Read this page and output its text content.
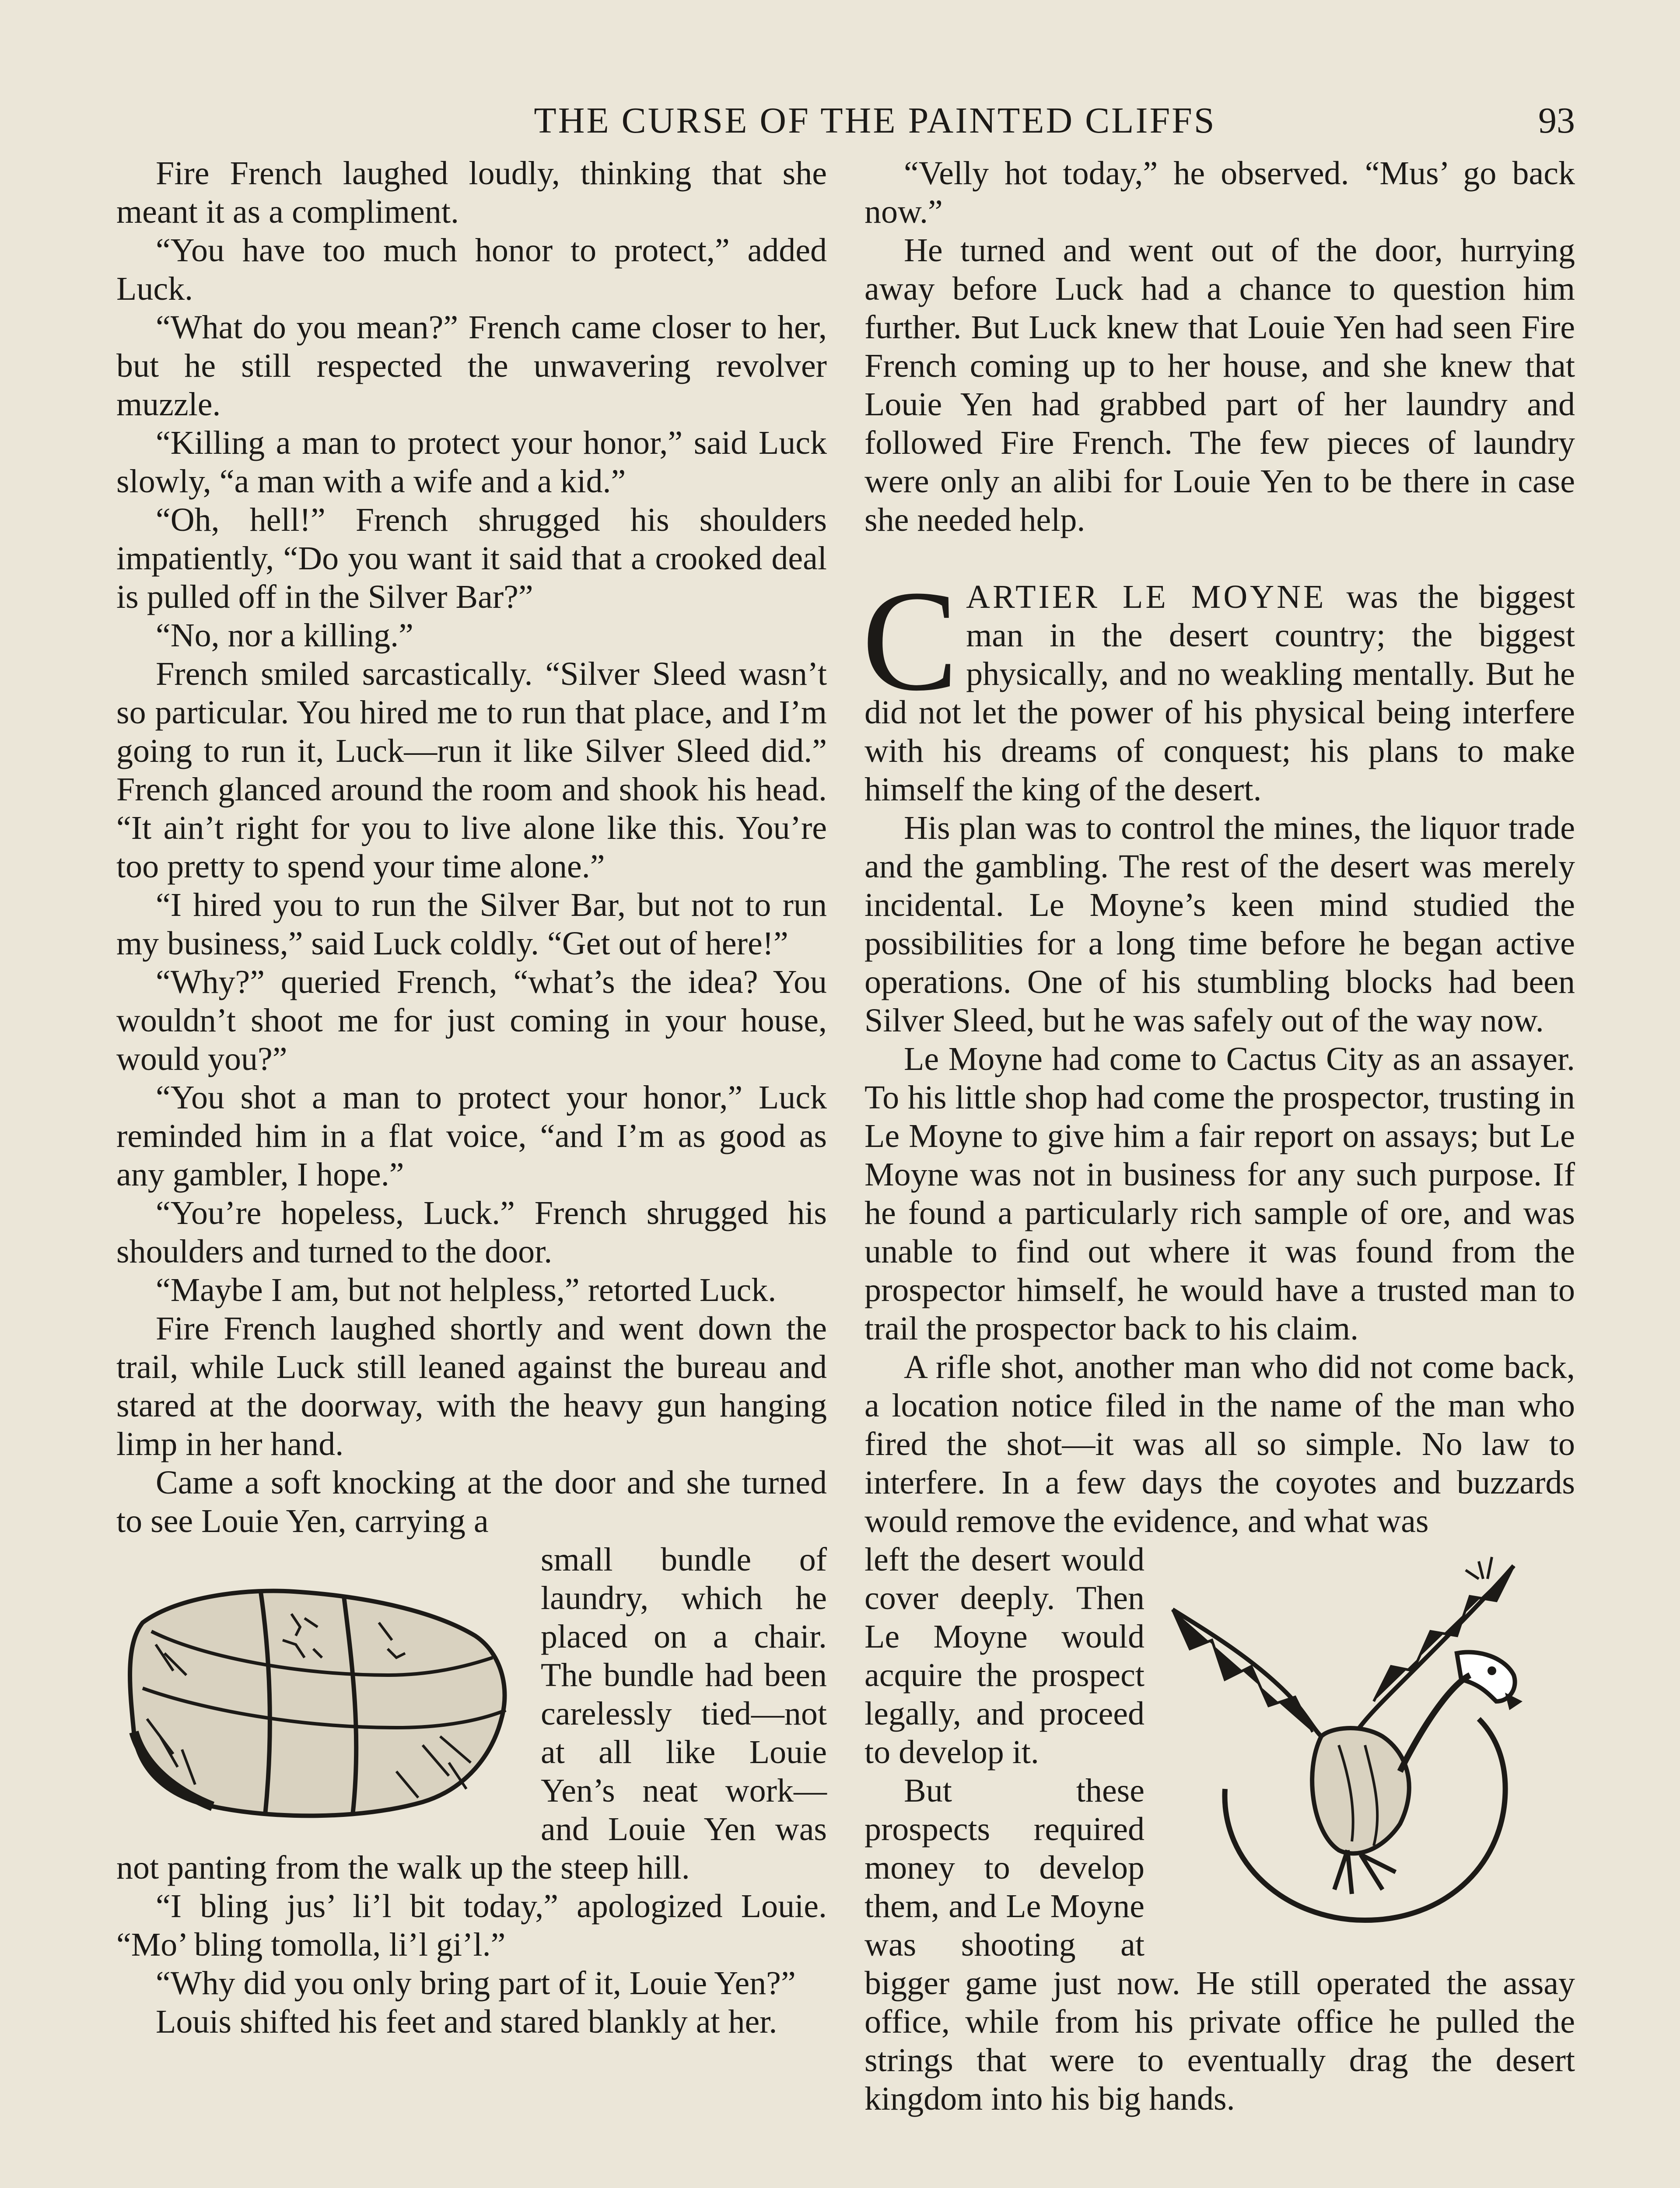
THE CURSE OF THE PAINTED CLIFFS	93

Fire French laughed loudly, thinking that she meant it as a compliment.

“You have too much honor to protect,” added Luck.

“What do you mean?” French came closer to her, but he still respected the unwavering revolver muzzle.

“Killing a man to protect your honor,” said Luck slowly, “a man with a wife and a kid.”

“Oh, hell!” French shrugged his shoulders impatiently, “Do you want it said that a crooked deal is pulled off in the Silver Bar?”

“No, nor a killing.”

French smiled sarcastically. “Silver Sleed wasn’t so particular. You hired me to run that place, and I’m going to run it, Luck—run it like Silver Sleed did.” French glanced around the room and shook his head. “It ain’t right for you to live alone like this. You’re too pretty to spend your time alone.”

“I hired you to run the Silver Bar, but not to run my business,” said Luck coldly. “Get out of here!”

“Why?” queried French, “what’s the idea? You wouldn’t shoot me for just coming in your house, would you?”

“You shot a man to protect your honor,” Luck reminded him in a flat voice, “and I’m as good as any gambler, I hope.”

“You’re hopeless, Luck.” French shrugged his shoulders and turned to the door.

“Maybe I am, but not helpless,” retorted Luck.

Fire French laughed shortly and went down the trail, while Luck still leaned against the bureau and stared at the doorway, with the heavy gun hanging limp in her hand.

Came a soft knocking at the door and she turned to see Louie Yen, carrying a

small bundle of laundry, which he placed on a chair. The bundle had been carelessly tied—not at all like Louie Yen’s neat work—and Louie Yen was not panting from the walk up the steep hill.

“I bling jus’ li’l bit today,” apologized Louie. “Mo’ bling tomolla, li’l gi’l.”

“Why did you only bring part of it, Louie Yen?”

Louis shifted his feet and stared blankly at her.

“Velly hot today,” he observed. “Mus’ go back now.”

He turned and went out of the door, hurrying away before Luck had a chance to question him further. But Luck knew that Louie Yen had seen Fire French coming up to her house, and she knew that Louie Yen had grabbed part of her laundry and followed Fire French. The few pieces of laundry were only an alibi for Louie Yen to be there in case she needed help.

CARTIER LE MOYNE was the biggest man in the desert country; the biggest physically, and no weakling mentally. But he did not let the power of his physical being interfere with his dreams of conquest; his plans to make himself the king of the desert.

His plan was to control the mines, the liquor trade and the gambling. The rest of the desert was merely incidental. Le Moyne’s keen mind studied the possibilities for a long time before he began active operations. One of his stumbling blocks had been Silver Sleed, but he was safely out of the way now.

Le Moyne had come to Cactus City as an assayer. To his little shop had come the prospector, trusting in Le Moyne to give him a fair report on assays; but Le Moyne was not in business for any such purpose. If he found a particularly rich sample of ore, and was unable to find out where it was found from the prospector himself, he would have a trusted man to trail the prospector back to his claim.

A rifle shot, another man who did not come back, a location notice filed in the name of the man who fired the shot—it was all so simple. No law to interfere. In a few days the coyotes and buzzards would remove the evidence, and what was

left the desert would cover deeply. Then Le Moyne would acquire the prospect legally, and proceed to develop it.

But these prospects required money to develop them, and Le Moyne was shooting at bigger game just now. He still operated the assay office, while from his private office he pulled the strings that were to eventually drag the desert kingdom into his big hands.
